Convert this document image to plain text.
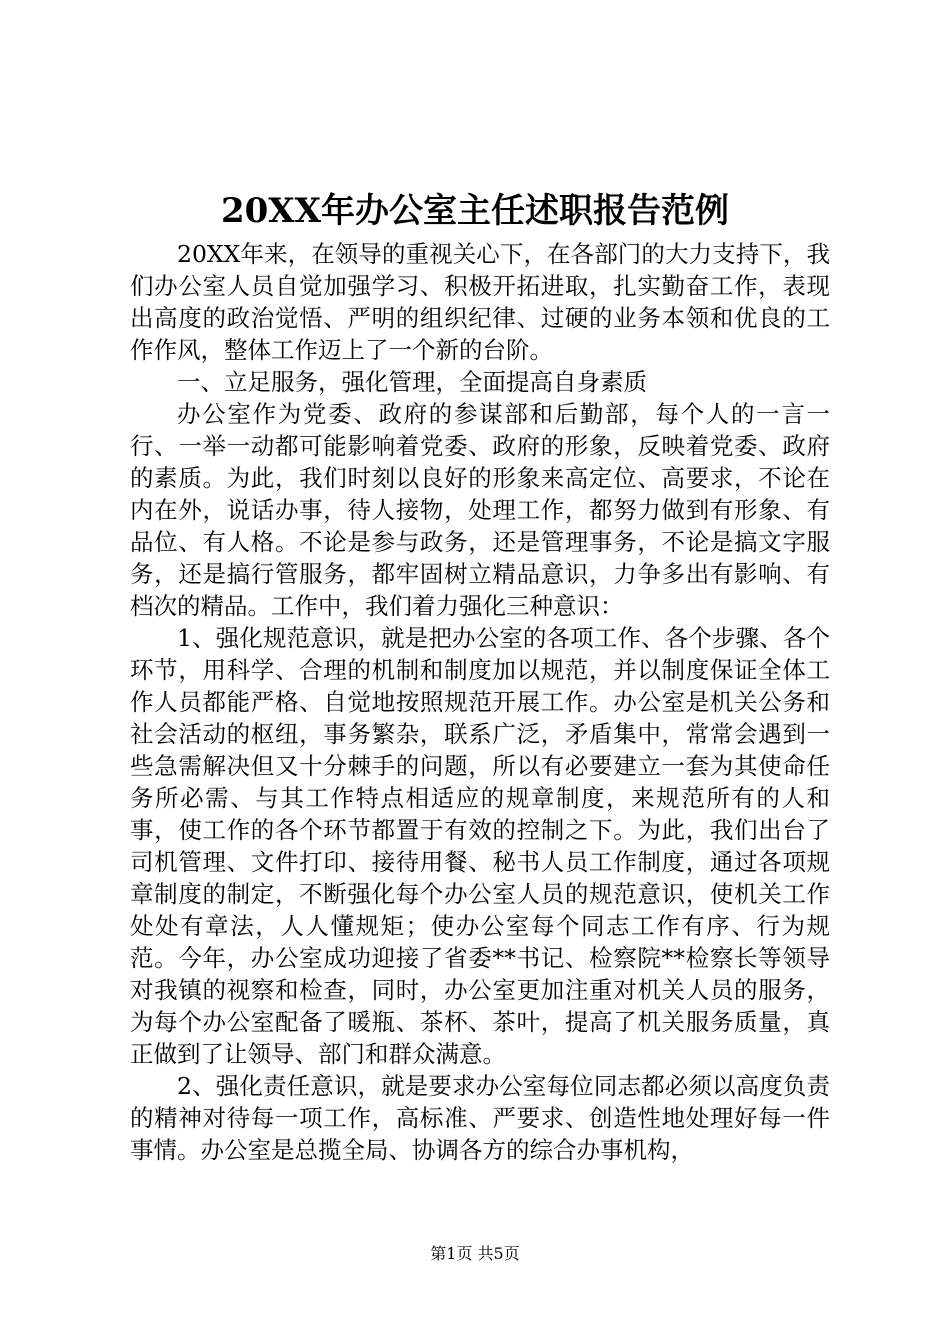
20XX年办公室主任述职报告范例

20XX年来，在领导的重视关心下，在各部门的大力支持下，我们办公室人员自觉加强学习、积极开拓进取，扎实勤奋工作，表现出高度的政治觉悟、严明的组织纪律、过硬的业务本领和优良的工作作风，整体工作迈上了一个新的台阶。

一、立足服务，强化管理，全面提高自身素质

办公室作为党委、政府的参谋部和后勤部，每个人的一言一行、一举一动都可能影响着党委、政府的形象，反映着党委、政府的素质。为此，我们时刻以良好的形象来高定位、高要求，不论在内在外，说话办事，待人接物，处理工作，都努力做到有形象、有品位、有人格。不论是参与政务，还是管理事务，不论是搞文字服务，还是搞行管服务，都牢固树立精品意识，力争多出有影响、有档次的精品。工作中，我们着力强化三种意识：

1、强化规范意识，就是把办公室的各项工作、各个步骤、各个环节，用科学、合理的机制和制度加以规范，并以制度保证全体工作人员都能严格、自觉地按照规范开展工作。办公室是机关公务和社会活动的枢纽，事务繁杂，联系广泛，矛盾集中，常常会遇到一些急需解决但又十分棘手的问题，所以有必要建立一套为其使命任务所必需、与其工作特点相适应的规章制度，来规范所有的人和事，使工作的各个环节都置于有效的控制之下。为此，我们出台了司机管理、文件打印、接待用餐、秘书人员工作制度，通过各项规章制度的制定，不断强化每个办公室人员的规范意识，使机关工作处处有章法，人人懂规矩；使办公室每个同志工作有序、行为规范。今年，办公室成功迎接了省委**书记、检察院**检察长等领导对我镇的视察和检查，同时，办公室更加注重对机关人员的服务，为每个办公室配备了暖瓶、茶杯、茶叶，提高了机关服务质量，真正做到了让领导、部门和群众满意。

2、强化责任意识，就是要求办公室每位同志都必须以高度负责的精神对待每一项工作，高标准、严要求、创造性地处理好每一件事情。办公室是总揽全局、协调各方的综合办事机构，

第1页 共5页
